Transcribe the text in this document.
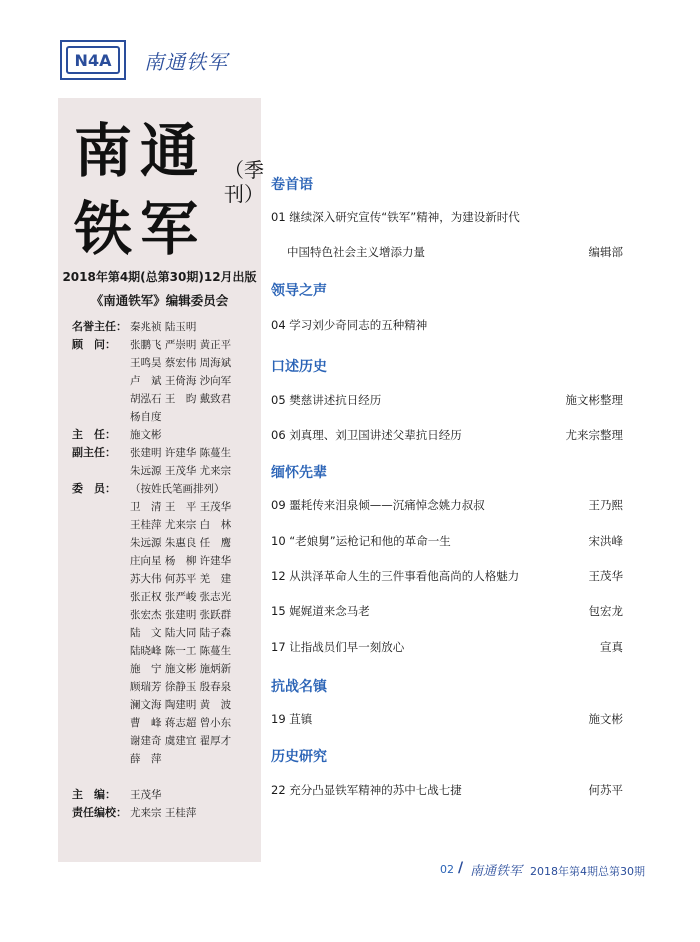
N4A	南通铁军
南通
铁军
（季刊）
2018年第4期(总第30期)12月出版
《南通铁军》编辑委员会
名誉主任： 秦兆祯 陆玉明
顾　问：	张鹏飞 严崇明 黄正平
王鸣昊 蔡宏伟 周海斌
卢　斌 王倚海 沙向军
胡泓石 王　昀 戴致君
杨自度
主　任：	施文彬
副主任：	张建明 许建华 陈蔓生
朱远源 王茂华 尤来宗
委　员：	（按姓氏笔画排列）
卫　清 王　平 王茂华
王桂萍 尤来宗 白　林
朱远源 朱惠良 任　鹰
庄向星 杨　柳 许建华
苏大伟 何苏平 羌　建
张正权 张严峻 张志光
张宏杰 张建明 张跃群
陆　文 陆大同 陆子森
陆晓峰 陈一工 陈蔓生
施　宁 施文彬 施炳新
顾瑞芳 徐静玉 殷春泉
澜文海 陶建明 黄　波
曹　峰 蒋志超 曾小东
谢建奇 虞建宜 翟厚才
薛　萍
主　编：	王茂华
责任编校： 尤来宗 王桂萍
卷首语
01 继续深入研究宣传“铁军”精神，为建设新时代
中国特色社会主义增添力量	编辑部
领导之声
04 学习刘少奇同志的五种精神
口述历史
05 樊慈讲述抗日经历	施文彬整理
06 刘真理、刘卫国讲述父辈抗日经历	尤来宗整理
缅怀先辈
09 噩耗传来泪泉倾——沉痛悼念姚力叔叔	王乃熙
10 “老娘舅”运枪记和他的革命一生	宋洪峰
12 从洪泽革命人生的三件事看他高尚的人格魅力	王茂华
15 娓娓道来念马老	包宏龙
17 让指战员们早一刻放心	宣真
抗战名镇
19 苴镇	施文彬
历史研究
22 充分凸显铁军精神的苏中七战七捷	何苏平
02 / 南通铁军 2018年第4期总第30期
